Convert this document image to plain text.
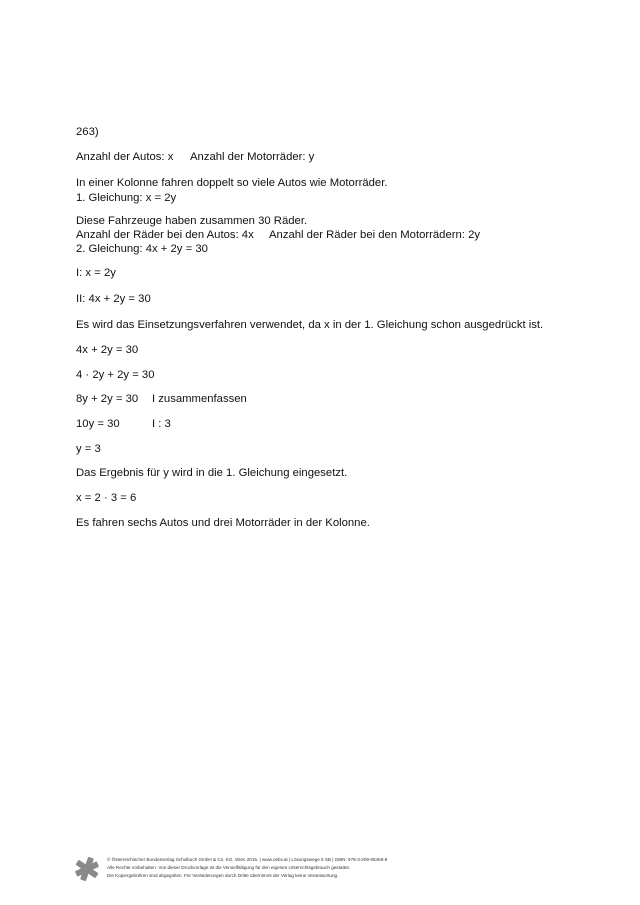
263)
Anzahl der Autos: x Anzahl der Motorräder: y
In einer Kolonne fahren doppelt so viele Autos wie Motorräder.
1. Gleichung: x = 2y
Diese Fahrzeuge haben zusammen 30 Räder.
Anzahl der Räder bei den Autos: 4x Anzahl der Räder bei den Motorrädern: 2y
2. Gleichung: 4x + 2y = 30
I: x = 2y
II: 4x + 2y = 30
Es wird das Einsetzungsverfahren verwendet, da x in der 1. Gleichung schon ausgedrückt ist.
4x + 2y = 30
4 · 2y + 2y = 30
8y + 2y = 30 I zusammenfassen
10y = 30	I : 3
y = 3
Das Ergebnis für y wird in die 1. Gleichung eingesetzt.
x = 2 · 3 = 6
Es fahren sechs Autos und drei Motorräder in der Kolonne.
© Österreichischer Bundesverlag Schulbuch GmbH & Co. KG, Wien 2015. | www.oebv.at | Lösungswege 5 SB | ISBN: 978-3-209-08466-8
Alle Rechte vorbehalten. Von dieser Druckvorlage ist die Vervielfältigung für den eigenen Unterrichtsgebrauch gestattet.
Die Kopiergebühren sind abgegolten. Für Veränderungen durch Dritte übernimmt der Verlag keine Verantwortung.
